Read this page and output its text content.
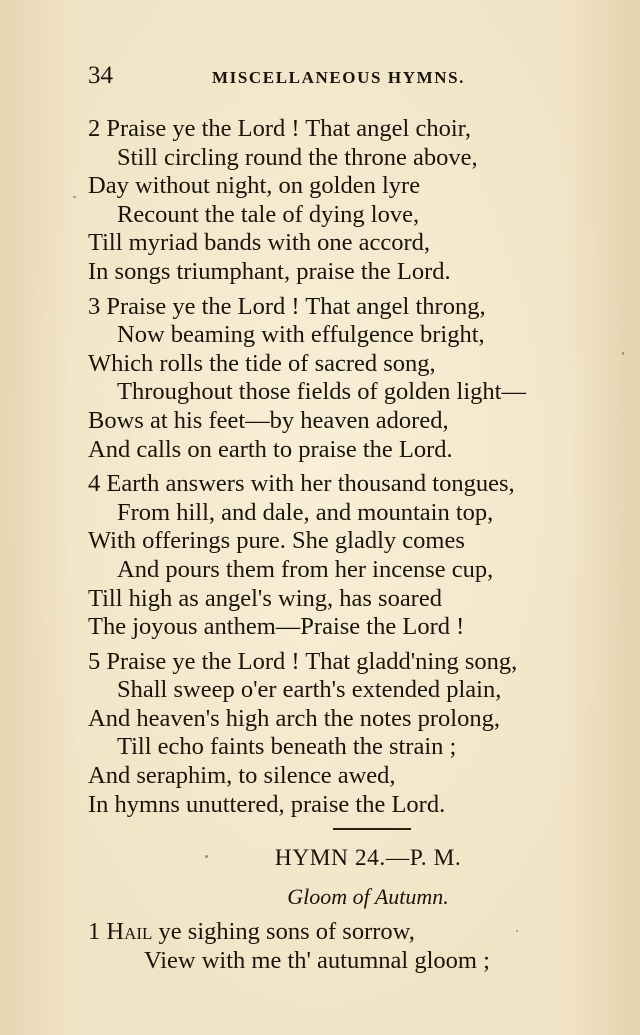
34	MISCELLANEOUS HYMNS.
2 Praise ye the Lord ! That angel choir,
Still circling round the throne above,
Day without night, on golden lyre
Recount the tale of dying love,
Till myriad bands with one accord,
In songs triumphant, praise the Lord.
3 Praise ye the Lord ! That angel throng,
Now beaming with effulgence bright,
Which rolls the tide of sacred song,
Throughout those fields of golden light—
Bows at his feet—by heaven adored,
And calls on earth to praise the Lord.
4 Earth answers with her thousand tongues,
From hill, and dale, and mountain top,
With offerings pure. She gladly comes
And pours them from her incense cup,
Till high as angel's wing, has soared
The joyous anthem—Praise the Lord !
5 Praise ye the Lord ! That gladd'ning song,
Shall sweep o'er earth's extended plain,
And heaven's high arch the notes prolong,
Till echo faints beneath the strain ;
And seraphim, to silence awed,
In hymns unuttered, praise the Lord.
HYMN 24.—P. M.
Gloom of Autumn.
1 Hail ye sighing sons of sorrow,
View with me th' autumnal gloom ;
